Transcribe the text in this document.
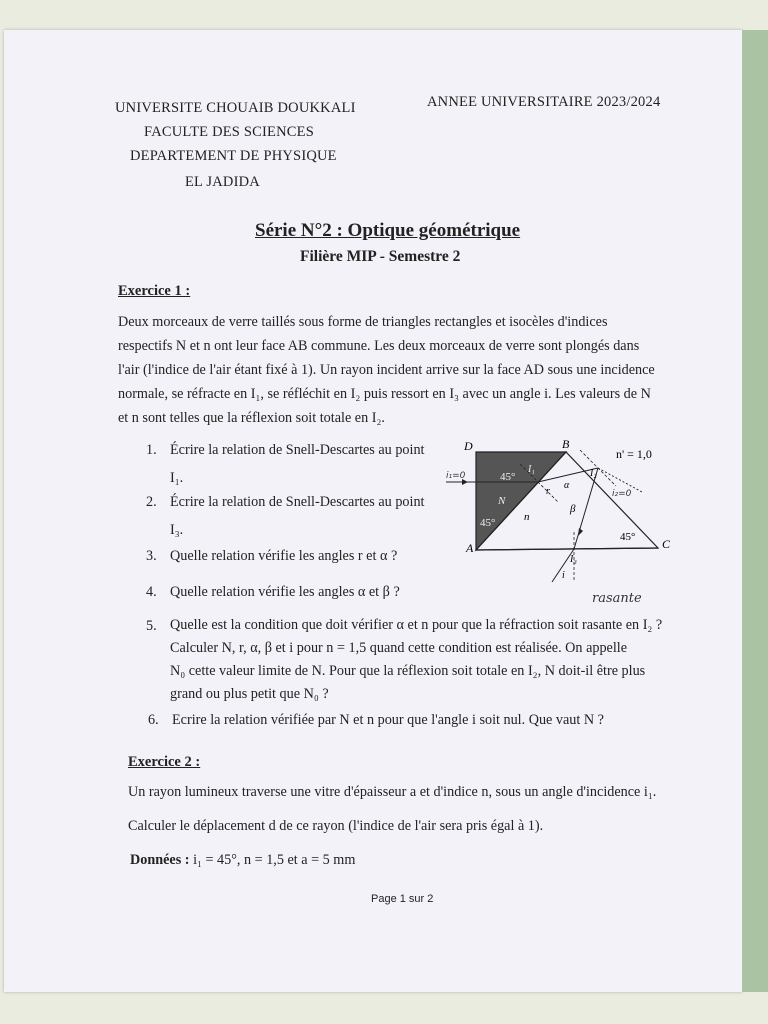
UNIVERSITE CHOUAIB DOUKKALI
FACULTE DES SCIENCES
DEPARTEMENT DE PHYSIQUE
EL JADIDA
ANNEE UNIVERSITAIRE 2023/2024
Série N°2 : Optique géométrique
Filière MIP - Semestre 2
Exercice 1 :
Deux morceaux de verre taillés sous forme de triangles rectangles et isocèles d'indices
respectifs N et n ont leur face AB commune. Les deux morceaux de verre sont plongés dans
l'air (l'indice de l'air étant fixé à 1). Un rayon incident arrive sur la face AD sous une incidence
normale, se réfracte en I₁, se réfléchit en I₂ puis ressort en I₃ avec un angle i. Les valeurs de N
et n sont telles que la réflexion soit totale en I₂.
1. Écrire la relation de Snell-Descartes au point
I₁.
2. Écrire la relation de Snell-Descartes au point
I₃.
3. Quelle relation vérifie les angles r et α ?
4. Quelle relation vérifie les angles α et β ?
D	B
A	C
n' = 1,0
N
n
45°
45°
45°
I₁	I₂
I₃
r
α
β
i
i₁=0
i₂=0
rasante
5. Quelle est la condition que doit vérifier α et n pour que la réfraction soit rasante en I₂ ?
Calculer N, r, α, β et i pour n = 1,5 quand cette condition est réalisée. On appelle
N₀ cette valeur limite de N. Pour que la réflexion soit totale en I₂, N doit-il être plus
grand ou plus petit que N₀ ?
6. Ecrire la relation vérifiée par N et n pour que l'angle i soit nul. Que vaut N ?
Exercice 2 :
Un rayon lumineux traverse une vitre d'épaisseur a et d'indice n, sous un angle d'incidence i₁.
Calculer le déplacement d de ce rayon (l'indice de l'air sera pris égal à 1).
Données : i₁ = 45°, n = 1,5 et a = 5 mm
Page 1 sur 2
